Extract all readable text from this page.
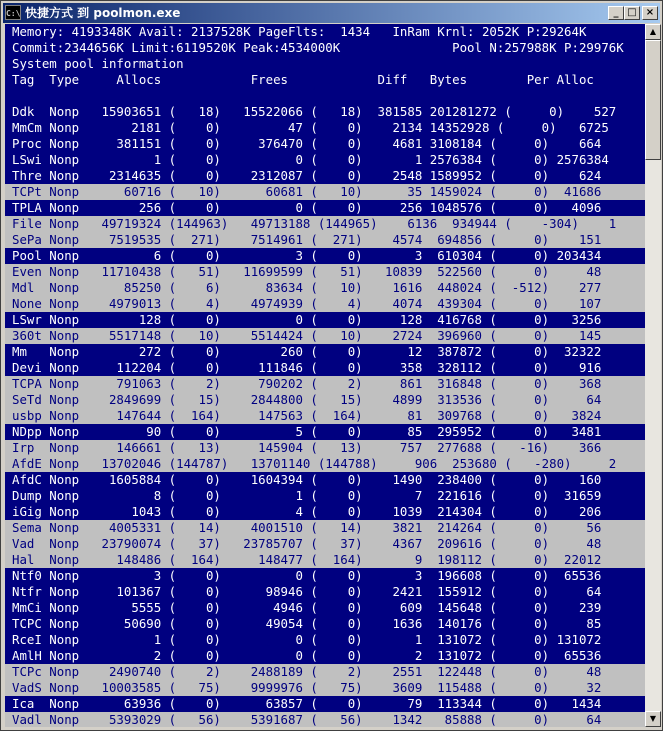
C:\ 快捷方式 到 poolmon.exe	_ □ ×
Memory: 4193348K Avail: 2137528K PageFlts:  1434   InRam Krnl: 2052K P:29264K
Commit:2344656K Limit:6119520K Peak:4534000K               Pool N:257988K P:29976K
System pool information
Tag  Type     Allocs            Frees            Diff   Bytes        Per Alloc
Ddk  Nonp   15903651 (   18)   15522066 (   18)  381585 201281272 (     0)    527
MmCm Nonp       2181 (    0)         47 (    0)    2134 14352928 (     0)   6725
Proc Nonp     381151 (    0)     376470 (    0)    4681 3108184 (     0)    664
LSwi Nonp          1 (    0)          0 (    0)       1 2576384 (     0) 2576384
Thre Nonp    2314635 (    0)    2312087 (    0)    2548 1589952 (     0)    624
TCPt Nonp      60716 (   10)      60681 (   10)      35 1459024 (     0)  41686
TPLA Nonp        256 (    0)          0 (    0)     256 1048576 (     0)   4096
File Nonp   49719324 (144963)   49713188 (144965)    6136  934944 (    -304)    1
SePa Nonp    7519535 (  271)    7514961 (  271)    4574  694856 (     0)    151
Pool Nonp          6 (    0)          3 (    0)       3  610304 (     0) 203434
Even Nonp   11710438 (   51)   11699599 (   51)   10839  522560 (     0)     48
Mdl  Nonp      85250 (    6)      83634 (   10)    1616  448024 (  -512)    277
None Nonp    4979013 (    4)    4974939 (    4)    4074  439304 (     0)    107
LSwr Nonp        128 (    0)          0 (    0)     128  416768 (     0)   3256
360t Nonp    5517148 (   10)    5514424 (   10)    2724  396960 (     0)    145
Mm   Nonp        272 (    0)        260 (    0)      12  387872 (     0)  32322
Devi Nonp     112204 (    0)     111846 (    0)     358  328112 (     0)    916
TCPA Nonp     791063 (    2)     790202 (    2)     861  316848 (     0)    368
SeTd Nonp    2849699 (   15)    2844800 (   15)    4899  313536 (     0)     64
usbp Nonp     147644 (  164)     147563 (  164)      81  309768 (     0)   3824
NDpp Nonp         90 (    0)          5 (    0)      85  295952 (     0)   3481
Irp  Nonp     146661 (   13)     145904 (   13)     757  277688 (   -16)    366
AfdE Nonp   13702046 (144787)   13701140 (144788)     906  253680 (   -280)     2
AfdC Nonp    1605884 (    0)    1604394 (    0)    1490  238400 (     0)    160
Dump Nonp          8 (    0)          1 (    0)       7  221616 (     0)  31659
iGig Nonp       1043 (    0)          4 (    0)    1039  214304 (     0)    206
Sema Nonp    4005331 (   14)    4001510 (   14)    3821  214264 (     0)     56
Vad  Nonp   23790074 (   37)   23785707 (   37)    4367  209616 (     0)     48
Hal  Nonp     148486 (  164)     148477 (  164)       9  198112 (     0)  22012
Ntf0 Nonp          3 (    0)          0 (    0)       3  196608 (     0)  65536
Ntfr Nonp     101367 (    0)      98946 (    0)    2421  155912 (     0)     64
MmCi Nonp       5555 (    0)       4946 (    0)     609  145648 (     0)    239
TCPC Nonp      50690 (    0)      49054 (    0)    1636  140176 (     0)     85
RceI Nonp          1 (    0)          0 (    0)       1  131072 (     0) 131072
AmlH Nonp          2 (    0)          0 (    0)       2  131072 (     0)  65536
TCPc Nonp    2490740 (    2)    2488189 (    2)    2551  122448 (     0)     48
VadS Nonp   10003585 (   75)    9999976 (   75)    3609  115488 (     0)     32
Ica  Nonp      63936 (    0)      63857 (    0)      79  113344 (     0)   1434
Vadl Nonp    5393029 (   56)    5391687 (   56)    1342   85888 (     0)     64
▲
▼
